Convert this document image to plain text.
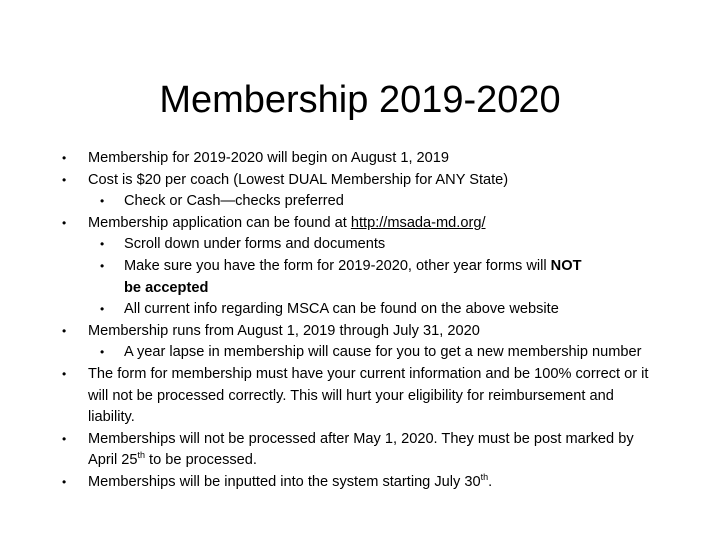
Membership 2019-2020
• Membership for 2019-2020 will begin on August 1, 2019
• Cost is $20 per coach (Lowest DUAL Membership for ANY State)
• Check or Cash—checks preferred
• Membership application can be found at http://msada-md.org/
• Scroll down under forms and documents
• Make sure you have the form for 2019-2020, other year forms will NOT
be accepted
• All current info regarding MSCA can be found on the above website
• Membership runs from August 1, 2019 through July 31, 2020
• A year lapse in membership will cause for you to get a new membership number
• The form for membership must have your current information and be 100% correct or it will not be processed correctly. This will hurt your eligibility for reimbursement and liability.
• Memberships will not be processed after May 1, 2020. They must be post marked by April 25th to be processed.
• Memberships will be inputted into the system starting July 30th.
